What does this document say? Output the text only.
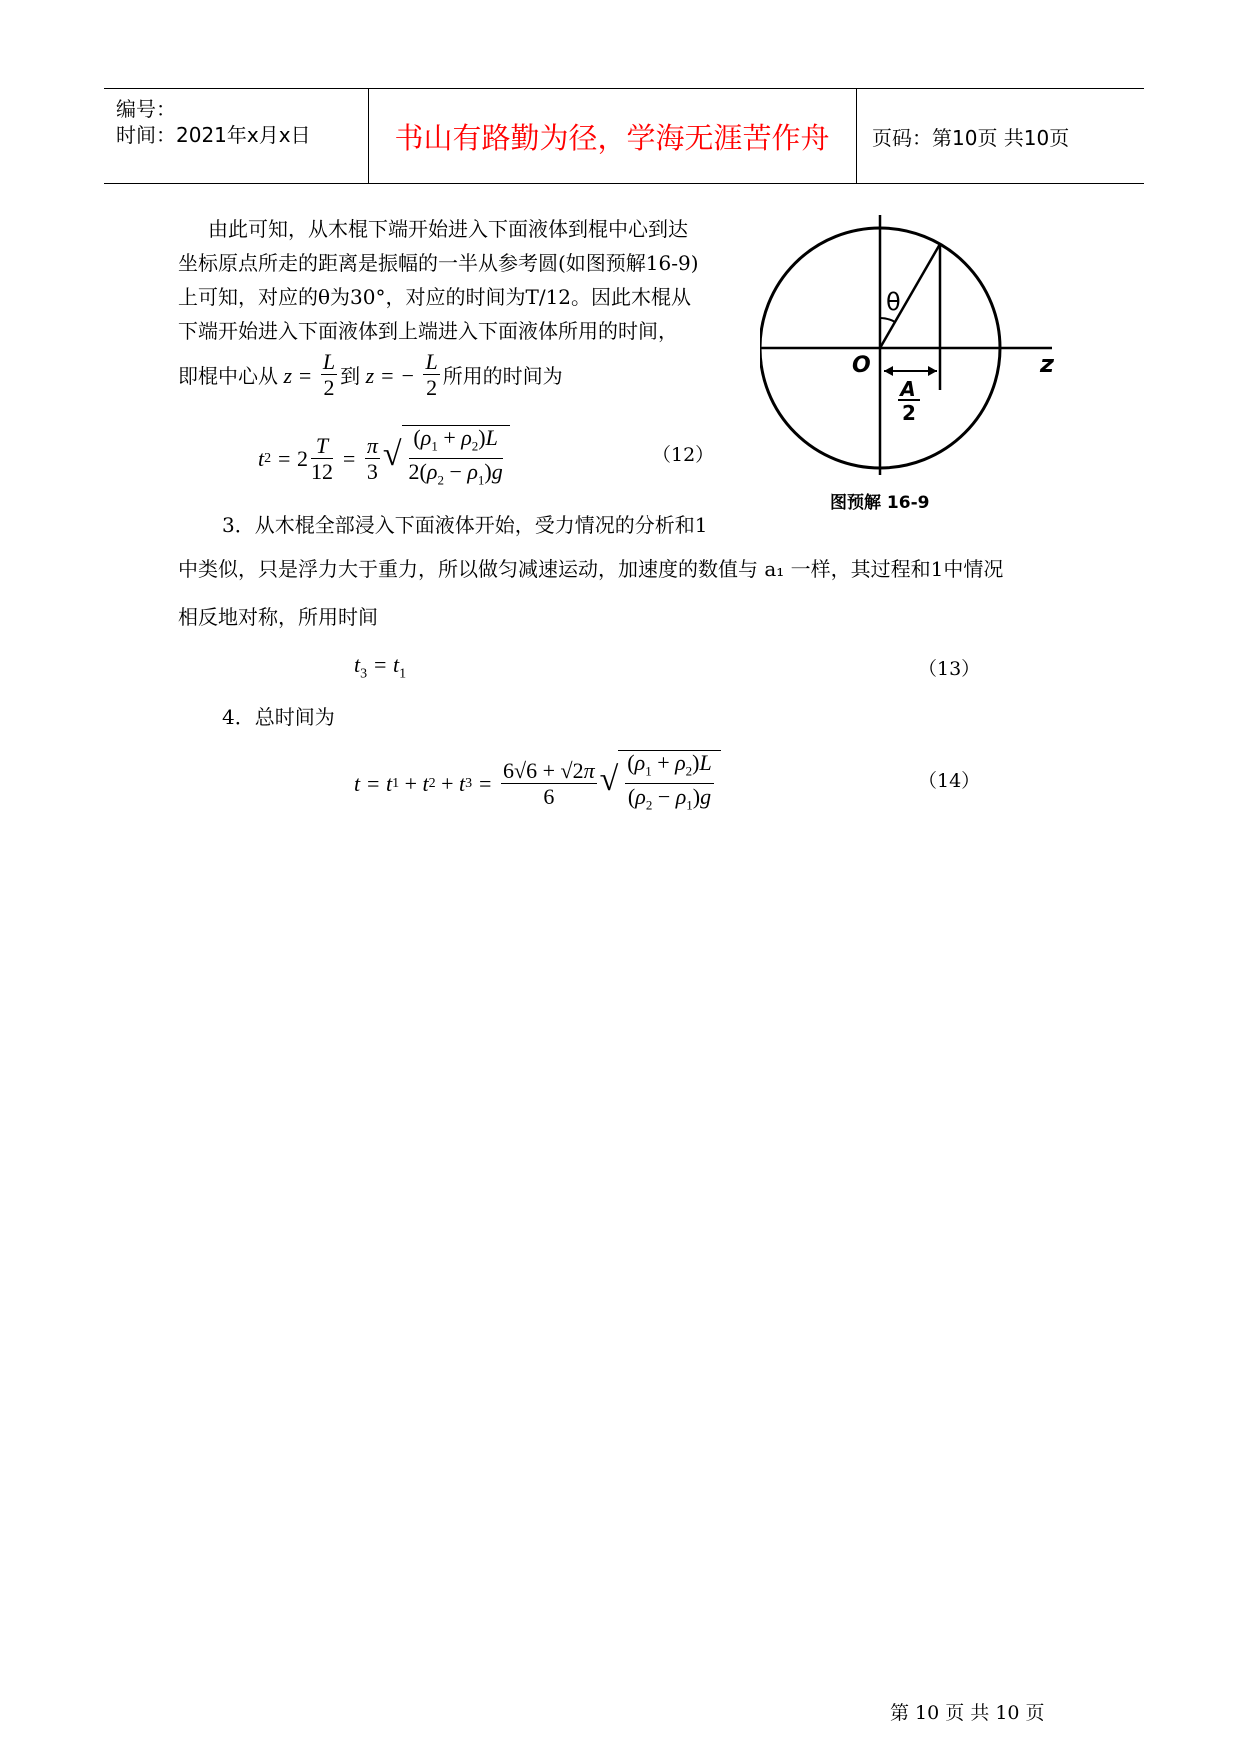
编号：
时间：2021年x月x日	书山有路勤为径，学海无涯苦作舟	页码：第10页 共10页
由此可知，从木棍下端开始进入下面液体到棍中心到达
坐标原点所走的距离是振幅的一半从参考圆(如图预解16-9)
上可知，对应的θ为30°，对应的时间为T/12。因此木棍从
下端开始进入下面液体到上端进入下面液体所用的时间，
即棍中心从 $z = \frac{L}{2}$ 到 z = − $\frac{L}{2}$ 所用的时间为
t $2 = 2 \frac{T}{12} = \frac{\pi}{3}$ √ $\frac{(\rho_1 + \rho_2)L}{2(\rho_2 - \rho_1)g}$	（12）
θ
O	z
A
2
图预解 16-9
3．从木棍全部浸入下面液体开始，受力情况的分析和1
中类似，只是浮力大于重力，所以做匀减速运动，加速度的数值与 a₁ 一样，其过程和1中情况
相反地对称，所用时间
$t_3 = t_1$	（13）
4．总时间为
t = t 1
+ t 2
+ t $3 = \frac{6√6 + √2\pi}{6}$ √ $\frac{(\rho_1 + \rho_2)L}{(\rho_2 - \rho_1)g}$	（14）
第 10 页 共 10 页
